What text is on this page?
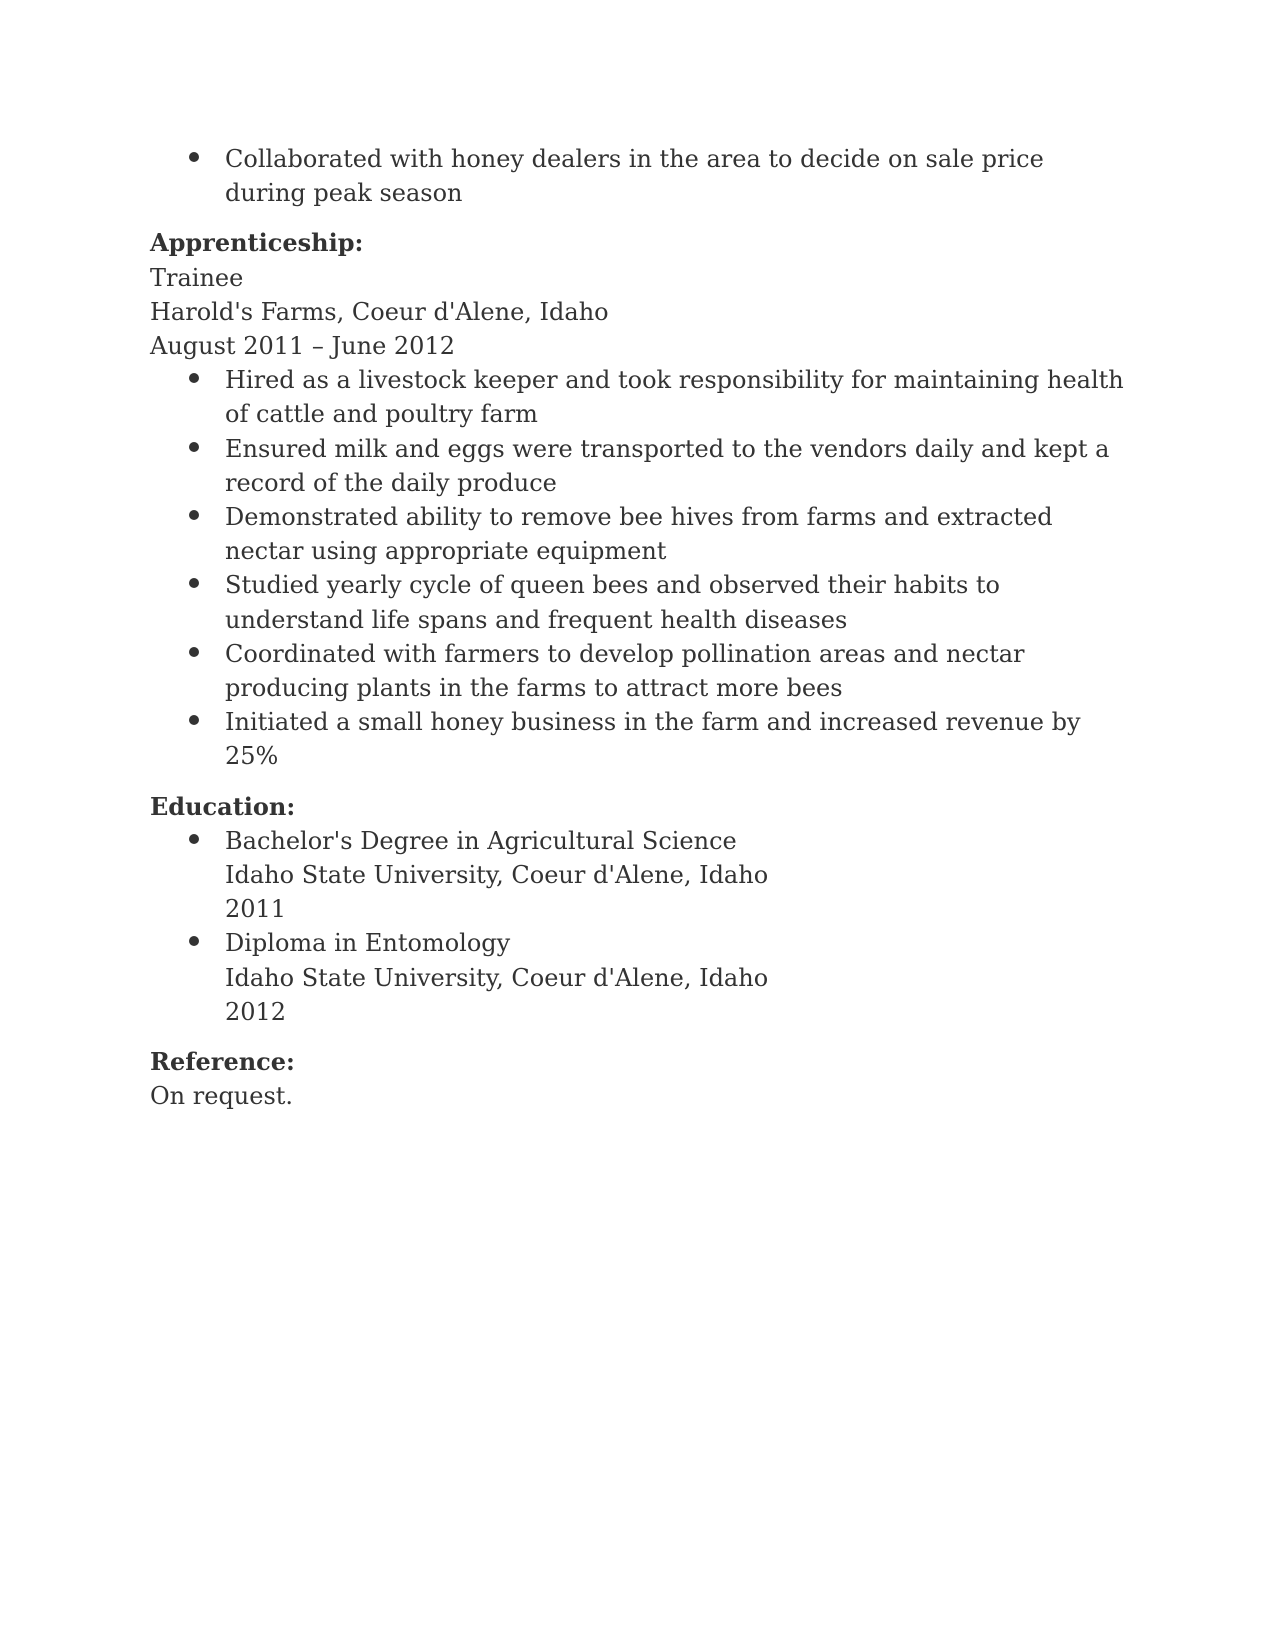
Collaborated with honey dealers in the area to decide on sale price during peak season

Apprenticeship:

Trainee

Harold's Farms, Coeur d'Alene, Idaho

August 2011 – June 2012

Hired as a livestock keeper and took responsibility for maintaining health of cattle and poultry farm
Ensured milk and eggs were transported to the vendors daily and kept a record of the daily produce
Demonstrated ability to remove bee hives from farms and extracted nectar using appropriate equipment
Studied yearly cycle of queen bees and observed their habits to understand life spans and frequent health diseases
Coordinated with farmers to develop pollination areas and nectar producing plants in the farms to attract more bees
Initiated a small honey business in the farm and increased revenue by 25%

Education:

Bachelor's Degree in Agricultural Science
Idaho State University, Coeur d'Alene, Idaho
2011
Diploma in Entomology
Idaho State University, Coeur d'Alene, Idaho
2012

Reference:

On request.
